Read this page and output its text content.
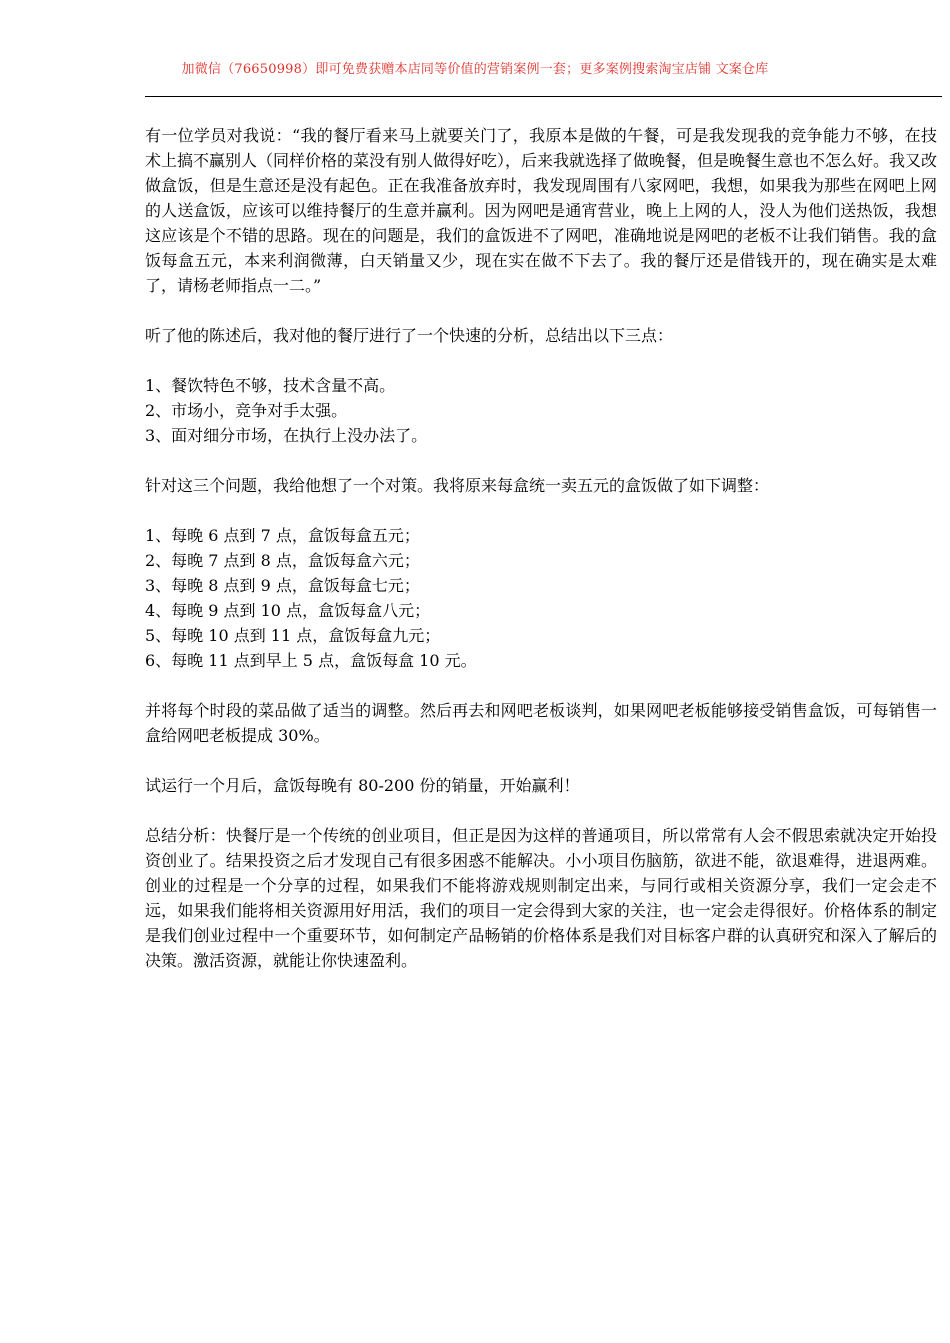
加微信（76650998）即可免费获赠本店同等价值的营销案例一套；更多案例搜索淘宝店铺 文案仓库

有一位学员对我说：“我的餐厅看来马上就要关门了，我原本是做的午餐，可是我发现我的竞争能力不够，在技术上搞不赢别人（同样价格的菜没有别人做得好吃），后来我就选择了做晚餐，但是晚餐生意也不怎么好。我又改做盒饭，但是生意还是没有起色。正在我准备放弃时，我发现周围有八家网吧，我想，如果我为那些在网吧上网的人送盒饭，应该可以维持餐厅的生意并赢利。因为网吧是通宵营业，晚上上网的人，没人为他们送热饭，我想这应该是个不错的思路。现在的问题是，我们的盒饭进不了网吧，准确地说是网吧的老板不让我们销售。我的盒饭每盒五元，本来利润微薄，白天销量又少，现在实在做不下去了。我的餐厅还是借钱开的，现在确实是太难了，请杨老师指点一二。”

听了他的陈述后，我对他的餐厅进行了一个快速的分析，总结出以下三点：

1、餐饮特色不够，技术含量不高。
2、市场小，竞争对手太强。
3、面对细分市场，在执行上没办法了。

针对这三个问题，我给他想了一个对策。我将原来每盒统一卖五元的盒饭做了如下调整：

1、每晚 6 点到 7 点，盒饭每盒五元；
2、每晚 7 点到 8 点，盒饭每盒六元；
3、每晚 8 点到 9 点，盒饭每盒七元；
4、每晚 9 点到 10 点，盒饭每盒八元；
5、每晚 10 点到 11 点，盒饭每盒九元；
6、每晚 11 点到早上 5 点，盒饭每盒 10 元。

并将每个时段的菜品做了适当的调整。然后再去和网吧老板谈判，如果网吧老板能够接受销售盒饭，可每销售一盒给网吧老板提成 30%。

试运行一个月后，盒饭每晚有 80-200 份的销量，开始赢利！

总结分析：快餐厅是一个传统的创业项目，但正是因为这样的普通项目，所以常常有人会不假思索就决定开始投资创业了。结果投资之后才发现自己有很多困惑不能解决。小小项目伤脑筋，欲进不能，欲退难得，进退两难。创业的过程是一个分享的过程，如果我们不能将游戏规则制定出来，与同行或相关资源分享，我们一定会走不远，如果我们能将相关资源用好用活，我们的项目一定会得到大家的关注，也一定会走得很好。价格体系的制定是我们创业过程中一个重要环节，如何制定产品畅销的价格体系是我们对目标客户群的认真研究和深入了解后的决策。激活资源，就能让你快速盈利。
